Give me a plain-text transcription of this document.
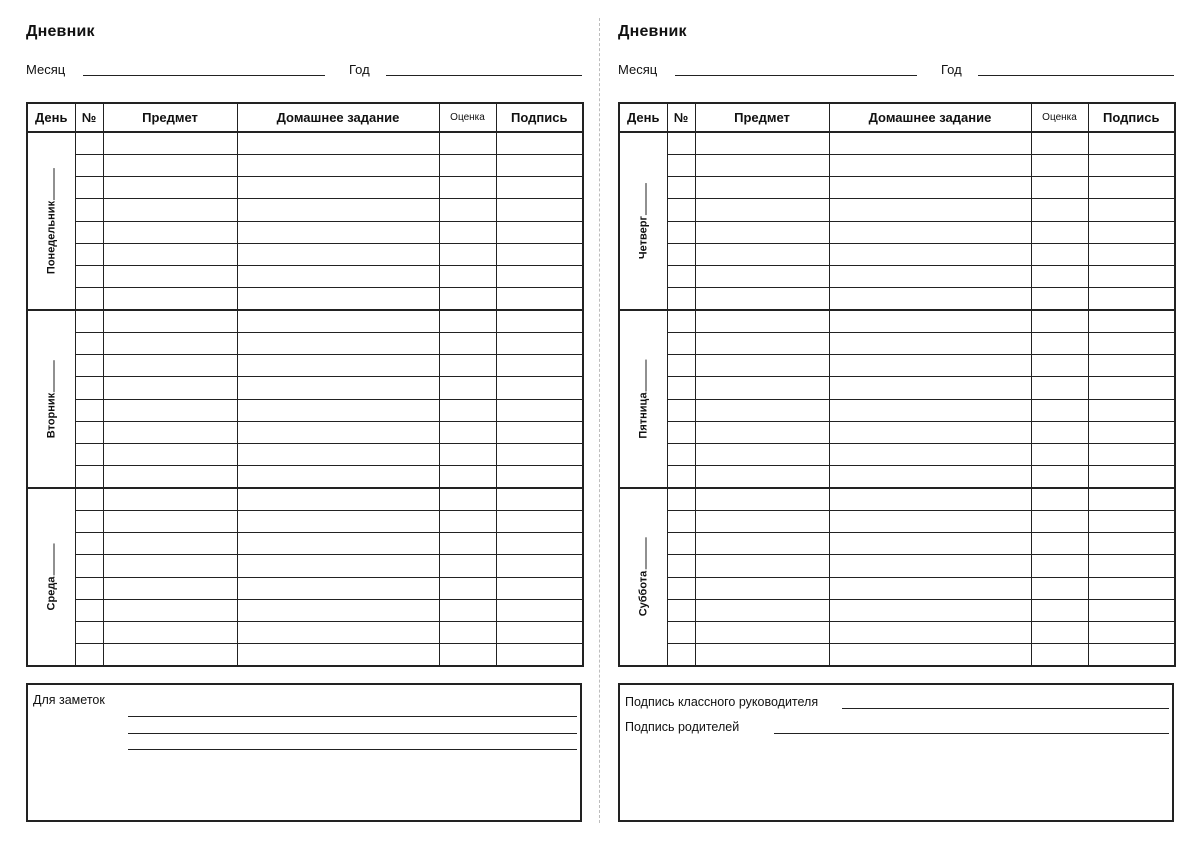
Дневник
Месяц	Год
День	№	Предмет	Домашнее задание	Оценка	Подпись

Понедельник					

Вторник					

Среда					

Для заметок
Дневник
Месяц	Год
День	№	Предмет	Домашнее задание	Оценка	Подпись

Четверг					

Пятница					

Суббота					

Подпись классного руководителя
Подпись родителей
